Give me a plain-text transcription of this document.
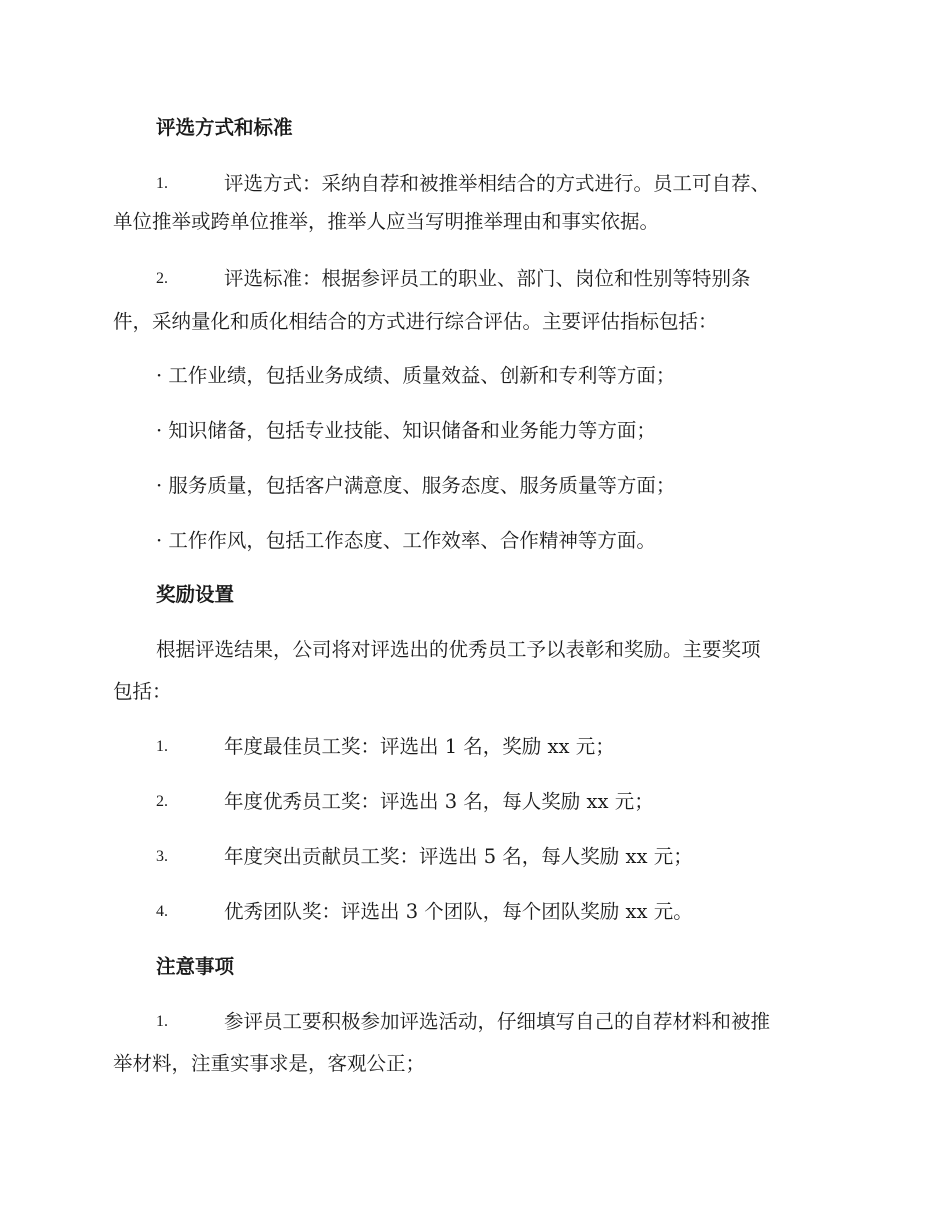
评选方式和标准
1.	评选方式：采纳自荐和被推举相结合的方式进行。员工可自荐、
单位推举或跨单位推举，推举人应当写明推举理由和事实依据。
2.	评选标准：根据参评员工的职业、部门、岗位和性别等特别条
件，采纳量化和质化相结合的方式进行综合评估。主要评估指标包括：
· 工作业绩，包括业务成绩、质量效益、创新和专利等方面；
· 知识储备，包括专业技能、知识储备和业务能力等方面；
· 服务质量，包括客户满意度、服务态度、服务质量等方面；
· 工作作风，包括工作态度、工作效率、合作精神等方面。
奖励设置
根据评选结果，公司将对评选出的优秀员工予以表彰和奖励。主要奖项
包括：
1.	年度最佳员工奖：评选出 1 名，奖励 xx 元；
2.	年度优秀员工奖：评选出 3 名，每人奖励 xx 元；
3.	年度突出贡献员工奖：评选出 5 名，每人奖励 xx 元；
4.	优秀团队奖：评选出 3 个团队，每个团队奖励 xx 元。
注意事项
1.	参评员工要积极参加评选活动，仔细填写自己的自荐材料和被推
举材料，注重实事求是，客观公正；
